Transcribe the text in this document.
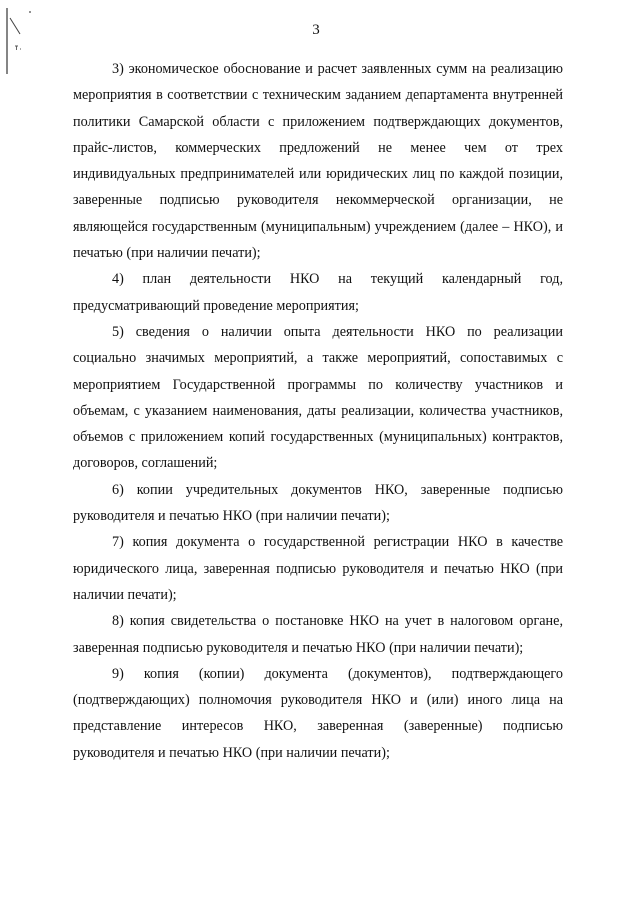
3

3) экономическое обоснование и расчет заявленных сумм на реализацию мероприятия в соответствии с техническим заданием департамента внутренней политики Самарской области с приложением подтверждающих документов, прайс-листов, коммерческих предложений не менее чем от трех индивидуальных предпринимателей или юридических лиц по каждой позиции, заверенные подписью руководителя некоммерческой организации, не являющейся государственным (муниципальным) учреждением (далее – НКО), и печатью (при наличии печати);

4) план деятельности НКО на текущий календарный год, предусматривающий проведение мероприятия;

5) сведения о наличии опыта деятельности НКО по реализации социально значимых мероприятий, а также мероприятий, сопоставимых с мероприятием Государственной программы по количеству участников и объемам, с указанием наименования, даты реализации, количества участников, объемов с приложением копий государственных (муниципальных) контрактов, договоров, соглашений;

6) копии учредительных документов НКО, заверенные подписью руководителя и печатью НКО (при наличии печати);

7) копия документа о государственной регистрации НКО в качестве юридического лица, заверенная подписью руководителя и печатью НКО (при наличии печати);

8) копия свидетельства о постановке НКО на учет в налоговом органе, заверенная подписью руководителя и печатью НКО (при наличии печати);

9) копия (копии) документа (документов), подтверждающего (подтверждающих) полномочия руководителя НКО и (или) иного лица на представление интересов НКО, заверенная (заверенные) подписью руководителя и печатью НКО (при наличии печати);
